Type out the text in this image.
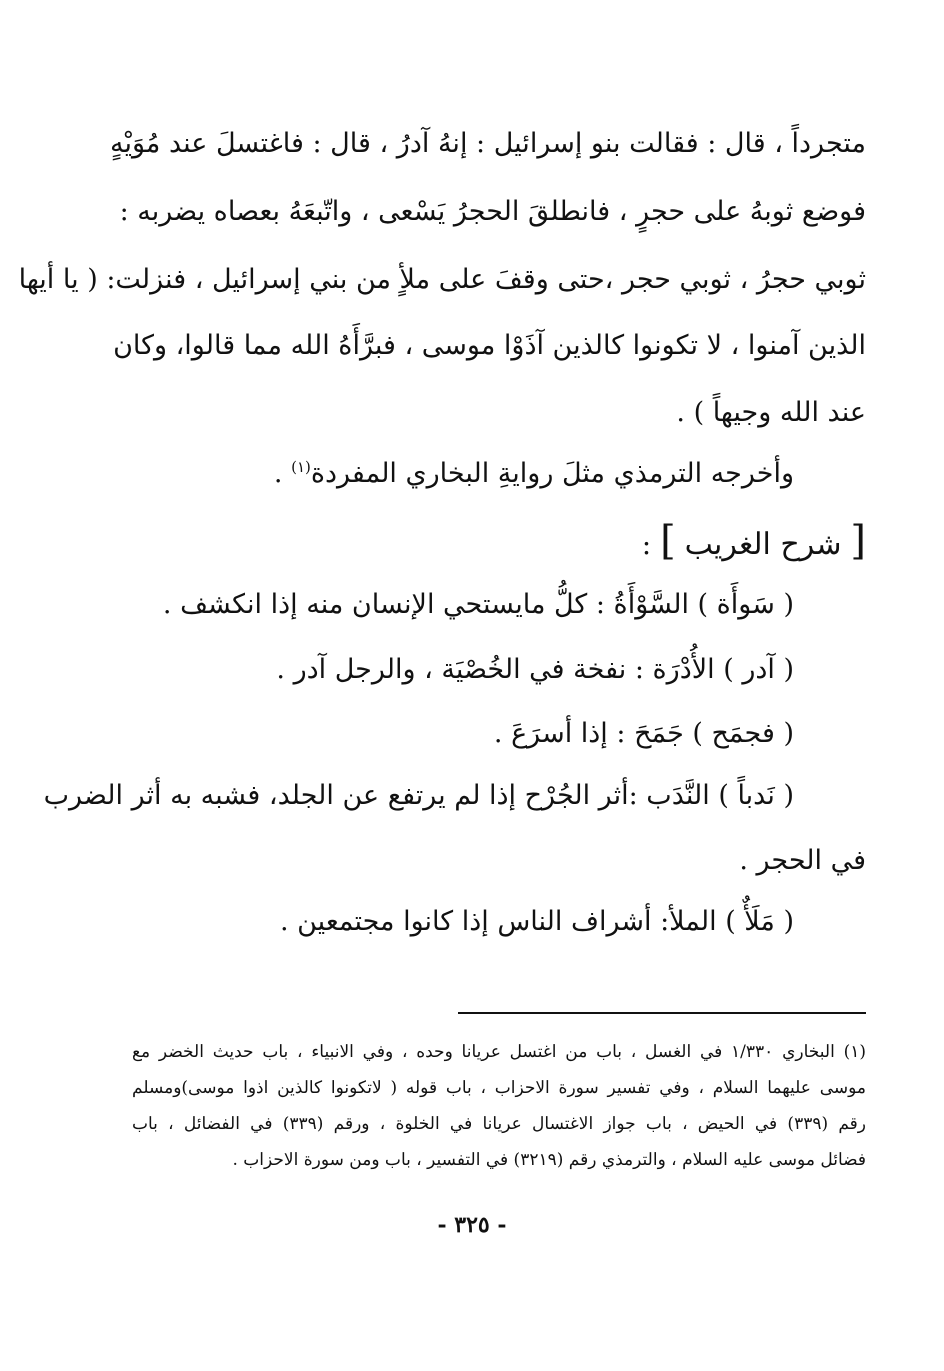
متجرداً ، قال : فقالت بنو إسرائيل : إنهُ آدرُ ، قال : فاغتسلَ عند مُوَيْهٍ
فوضع ثوبهُ على حجرٍ ، فانطلقَ الحجرُ يَسْعى ، واتّبعَهُ بعصاه يضربه :
ثوبي حجرُ ، ثوبي حجر ،حتى وقفَ على ملأٍ من بني إسرائيل ، فنزلت: ( يا أيها
الذين آمنوا ، لا تكونوا كالذين آذَوْا موسى ، فبرَّأَهُ الله مما قالوا، وكان
عند الله وجيهاً ) .
وأخرجه الترمذي مثلَ روايةِ البخاري المفردة$^{(١)}$ .
[ شرح الغريب ] :
( سَوأَة ) السَّوْأَةُ : كلُّ مايستحي الإنسان منه إذا انكشف .
( آدر ) الأُدْرَة : نفخة في الخُصْيَة ، والرجل آدر .
( فجمَح ) جَمَحَ : إذا أسرَعَ .
( نَدباً ) النَّدَب :أثر الجُرْح إذا لم يرتفع عن الجلد، فشبه به أثر الضرب
في الحجر .
( مَلَأٌ ) الملأ: أشراف الناس إذا كانوا مجتمعين .
(١) البخاري ١/٣٣٠ في الغسل ، باب من اغتسل عريانا وحده ، وفي الانبياء ، باب حديث الخضر مع
موسى عليهما السلام ، وفي تفسير سورة الاحزاب ، باب قوله ( لاتكونوا كالذين اذوا موسى)ومسلم
رقم (٣٣٩) في الحيض ، باب جواز الاغتسال عريانا في الخلوة ، ورقم (٣٣٩) في الفضائل ، باب
فضائل موسى عليه السلام ، والترمذي رقم (٣٢١٩) في التفسير ، باب ومن سورة الاحزاب .
- ٣٢٥ -
